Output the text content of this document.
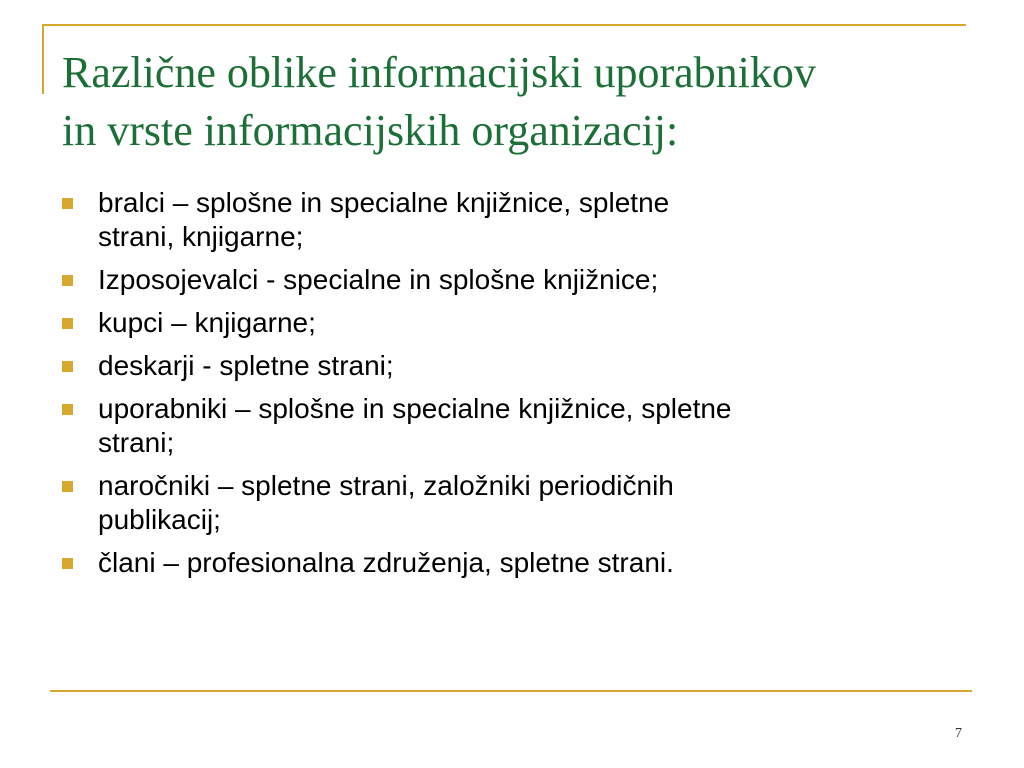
Različne oblike informacijski uporabnikov
in vrste informacijskih organizacij:
bralci – splošne in specialne knjižnice, spletne
strani, knjigarne;
Izposojevalci - specialne in splošne knjižnice;
kupci – knjigarne;
deskarji - spletne strani;
uporabniki – splošne in specialne knjižnice, spletne
strani;
naročniki – spletne strani, založniki periodičnih
publikacij;
člani – profesionalna združenja, spletne strani.
7
